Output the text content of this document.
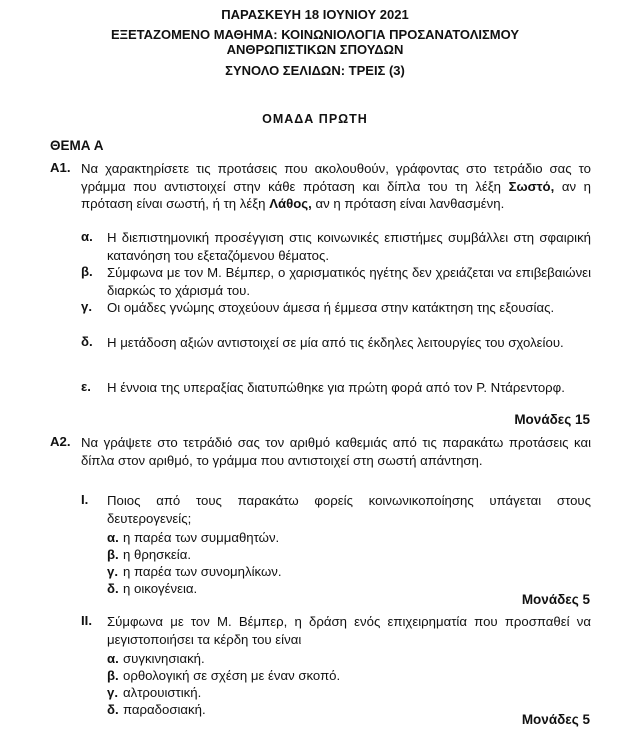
ΠΑΡΑΣΚΕΥΗ 18 ΙΟΥΝΙΟΥ 2021
ΕΞΕΤΑΖΟΜΕΝΟ ΜΑΘΗΜΑ: ΚΟΙΝΩΝΙΟΛΟΓΙΑ ΠΡΟΣΑΝΑΤΟΛΙΣΜΟΥ
ΑΝΘΡΩΠΙΣΤΙΚΩΝ ΣΠΟΥΔΩΝ
ΣΥΝΟΛΟ ΣΕΛΙΔΩΝ: ΤΡΕΙΣ (3)
ΟΜΑΔΑ ΠΡΩΤΗ
ΘΕΜΑ Α
Α1. Να χαρακτηρίσετε τις προτάσεις που ακολουθούν, γράφοντας στο τετράδιο σας το γράμμα που αντιστοιχεί στην κάθε πρόταση και δίπλα του τη λέξη Σωστό, αν η πρόταση είναι σωστή, ή τη λέξη Λάθος, αν η πρόταση είναι λανθασμένη.
α. Η διεπιστημονική προσέγγιση στις κοινωνικές επιστήμες συμβάλλει στη σφαιρική κατανόηση του εξεταζόμενου θέματος.
β. Σύμφωνα με τον Μ. Βέμπερ, ο χαρισματικός ηγέτης δεν χρειάζεται να επιβεβαιώνει διαρκώς το χάρισμά του.
γ. Οι ομάδες γνώμης στοχεύουν άμεσα ή έμμεσα στην κατάκτηση της εξουσίας.
δ. Η μετάδοση αξιών αντιστοιχεί σε μία από τις έκδηλες λειτουργίες του σχολείου.
ε. Η έννοια της υπεραξίας διατυπώθηκε για πρώτη φορά από τον Ρ. Ντάρεντορφ.
Μονάδες 15
Α2. Να γράψετε στο τετράδιό σας τον αριθμό καθεμιάς από τις παρακάτω προτάσεις και δίπλα στον αριθμό, το γράμμα που αντιστοιχεί στη σωστή απάντηση.
Ι. Ποιος από τους παρακάτω φορείς κοινωνικοποίησης υπάγεται στους δευτερογενείς;
α. η παρέα των συμμαθητών.
β. η θρησκεία.
γ. η παρέα των συνομηλίκων.
δ. η οικογένεια.
Μονάδες 5
ΙΙ. Σύμφωνα με τον Μ. Βέμπερ, η δράση ενός επιχειρηματία που προσπαθεί να μεγιστοποιήσει τα κέρδη του είναι
α. συγκινησιακή.
β. ορθολογική σε σχέση με έναν σκοπό.
γ. αλτρουιστική.
δ. παραδοσιακή.
Μονάδες 5
